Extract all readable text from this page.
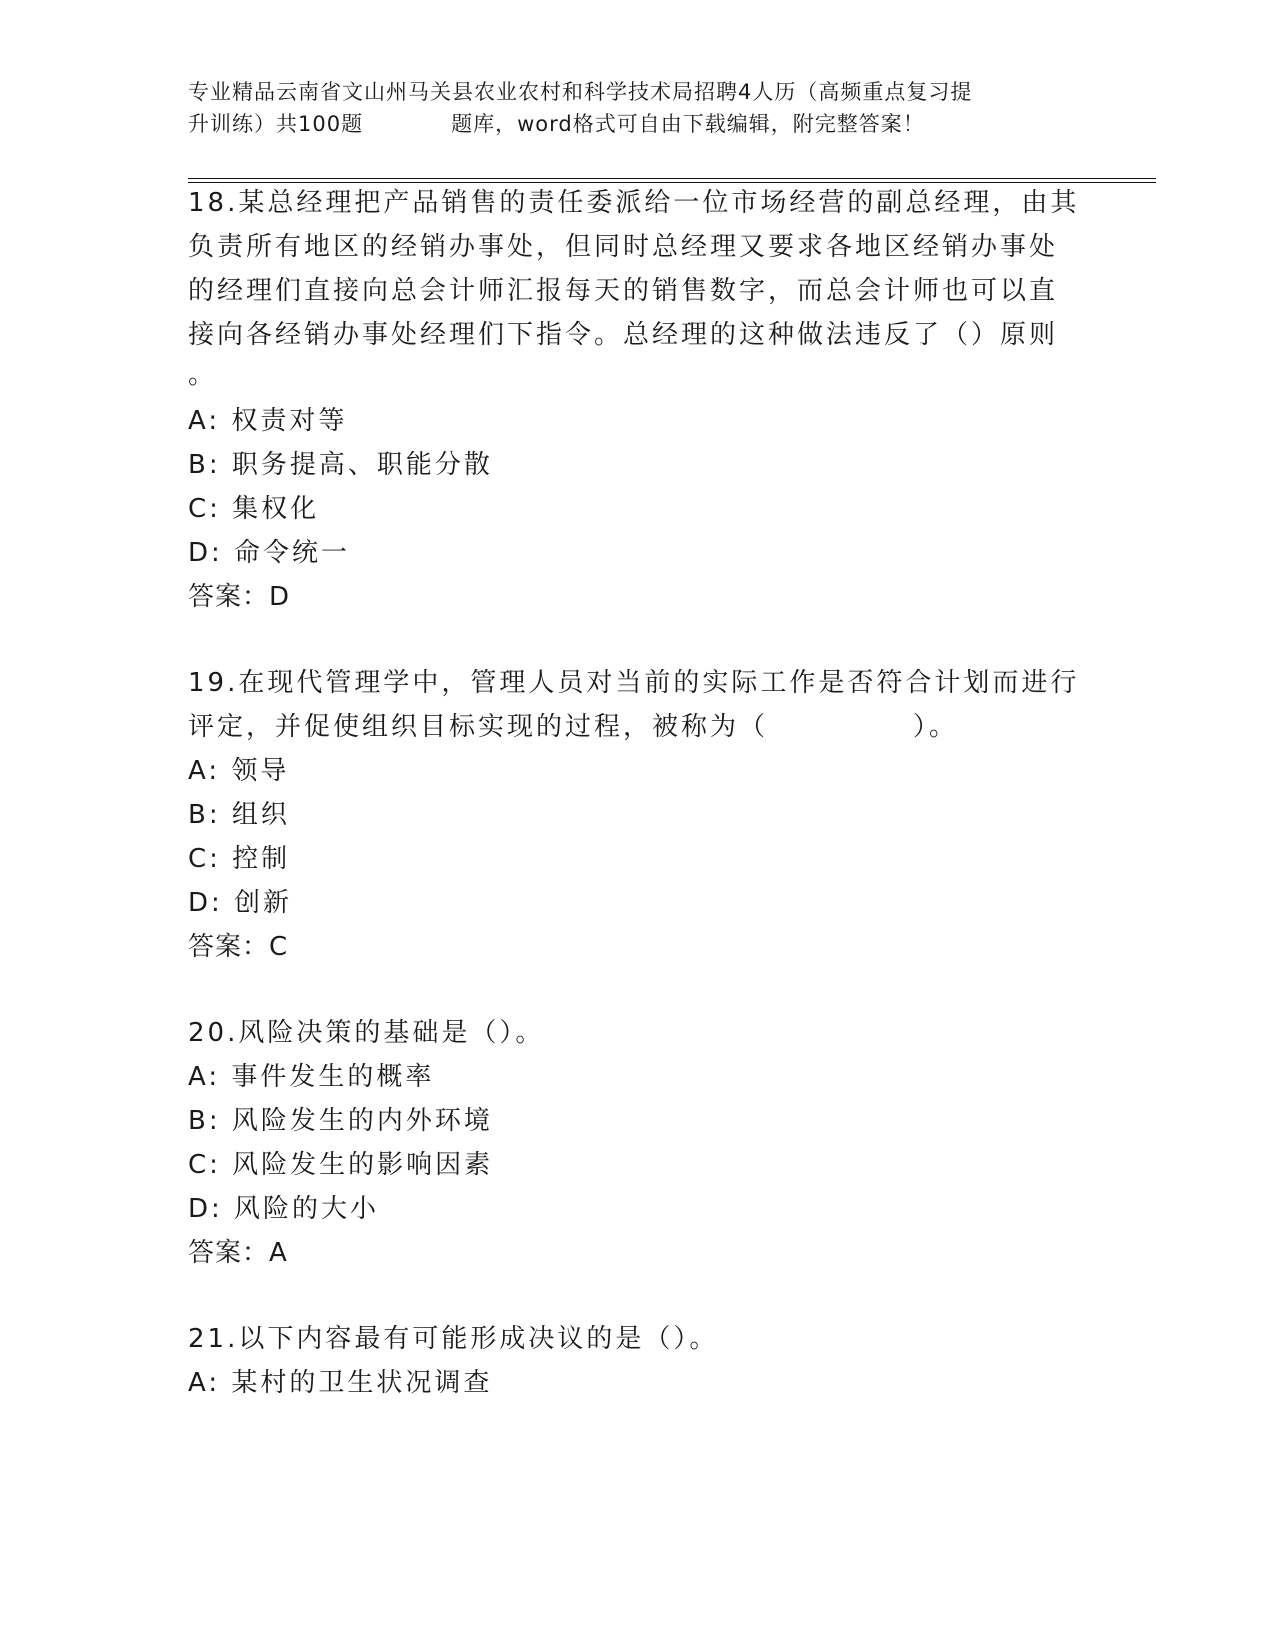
专业精品云南省文山州马关县农业农村和科学技术局招聘4人历（高频重点复习提
升训练）共100题　　　　题库，word格式可自由下载编辑，附完整答案！
18.某总经理把产品销售的责任委派给一位市场经营的副总经理，由其
负责所有地区的经销办事处，但同时总经理又要求各地区经销办事处
的经理们直接向总会计师汇报每天的销售数字，而总会计师也可以直
接向各经销办事处经理们下指令。总经理的这种做法违反了（）原则
。
A: 权责对等
B: 职务提高、职能分散
C: 集权化
D: 命令统一
答案：D
19.在现代管理学中，管理人员对当前的实际工作是否符合计划而进行
评定，并促使组织目标实现的过程，被称为（　　　　　）。
A: 领导
B: 组织
C: 控制
D: 创新
答案：C
20.风险决策的基础是（）。
A: 事件发生的概率
B: 风险发生的内外环境
C: 风险发生的影响因素
D: 风险的大小
答案：A
21.以下内容最有可能形成决议的是（）。
A: 某村的卫生状况调查
